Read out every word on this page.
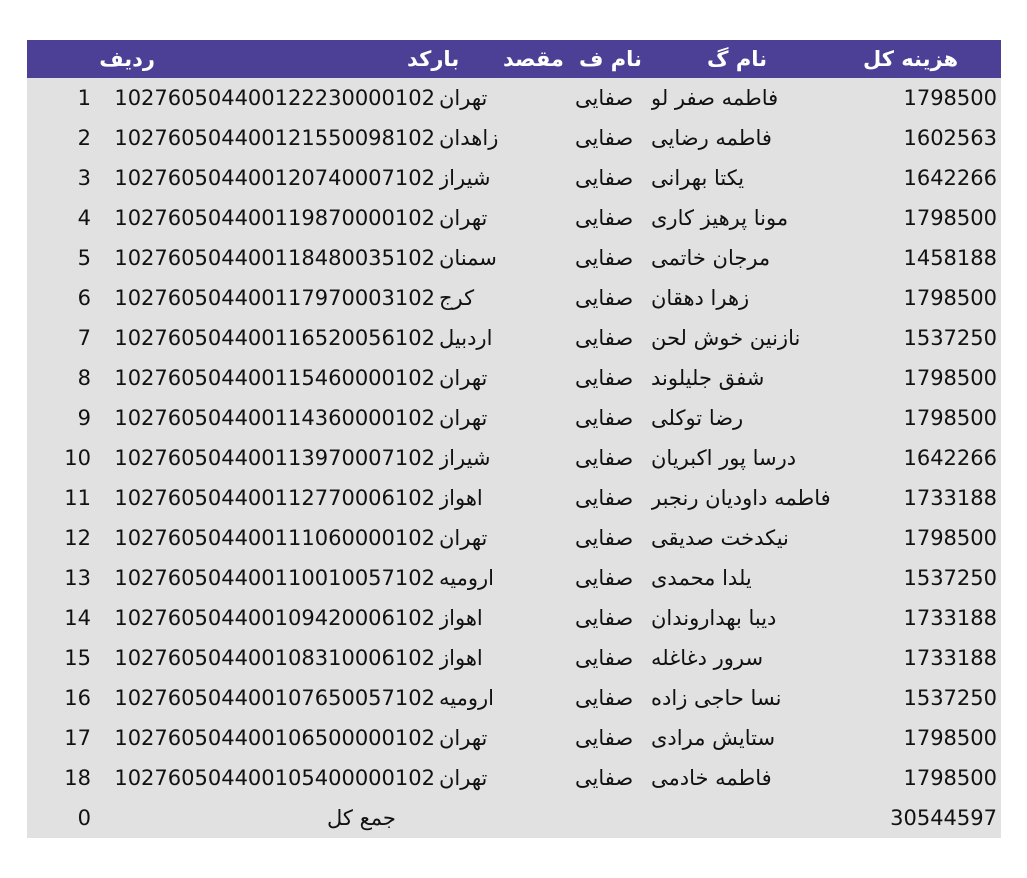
ردیف	بارکد	مقصد نام ف	نام گ	هزینه کل
1	102760504400122230000102 تهران	صفایی فاطمه صفر لو	1798500
2	102760504400121550098102 زاهدان	صفایی فاطمه رضایی	1602563
3	102760504400120740007102 شیراز	صفایی یکتا بهرانی	1642266
4	102760504400119870000102 تهران	صفایی مونا پرهیز کاری	1798500
5	102760504400118480035102 سمنان	صفایی مرجان خاتمی	1458188
6	102760504400117970003102 کرج	صفایی زهرا دهقان	1798500
7	102760504400116520056102 اردبیل	صفایی نازنین خوش لحن	1537250
8	102760504400115460000102 تهران	صفایی شفق جلیلوند	1798500
9	102760504400114360000102 تهران	صفایی رضا توکلی	1798500
10	102760504400113970007102 شیراز	صفایی درسا پور اکبریان	1642266
11	102760504400112770006102 اهواز	صفایی فاطمه داودیان رنجبر	1733188
12	102760504400111060000102 تهران	صفایی نیکدخت صدیقی	1798500
13	102760504400110010057102 ارومیه	صفایی یلدا محمدی	1537250
14	102760504400109420006102 اهواز	صفایی دیبا بهداروندان	1733188
15	102760504400108310006102 اهواز	صفایی سرور دغاغله	1733188
16	102760504400107650057102 ارومیه	صفایی نسا حاجی زاده	1537250
17	102760504400106500000102 تهران	صفایی ستایش مرادی	1798500
18	102760504400105400000102 تهران	صفایی فاطمه خادمی	1798500
0	جمع کل	30544597
